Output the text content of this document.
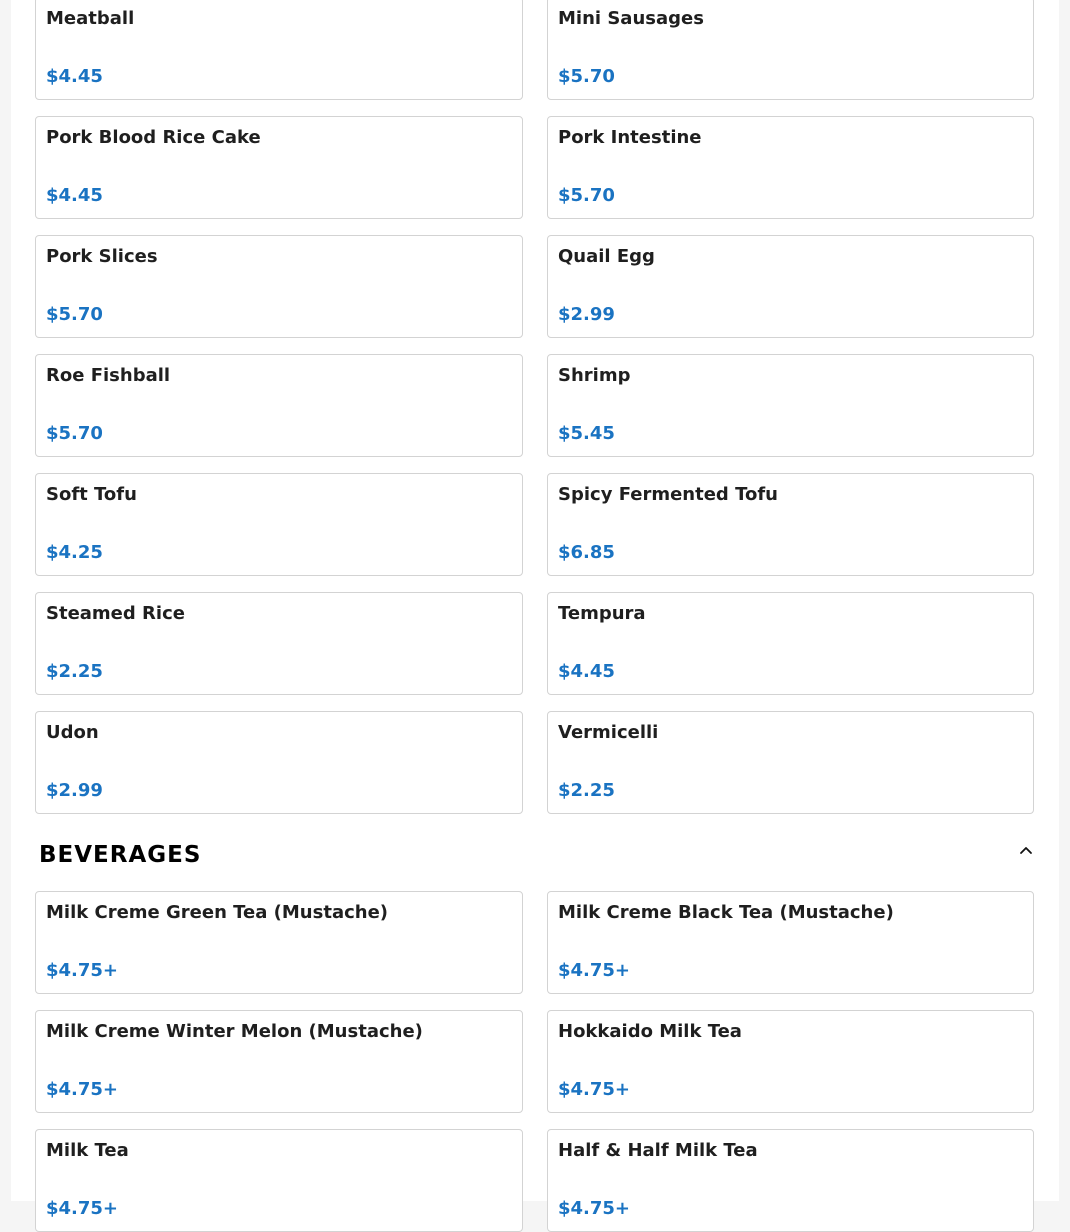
Meatball
$4.45
Mini Sausages
$5.70
Pork Blood Rice Cake
$4.45
Pork Intestine
$5.70
Pork Slices
$5.70
Quail Egg
$2.99
Roe Fishball
$5.70
Shrimp
$5.45
Soft Tofu
$4.25
Spicy Fermented Tofu
$6.85
Steamed Rice
$2.25
Tempura
$4.45
Udon
$2.99
Vermicelli
$2.25
BEVERAGES
Milk Creme Green Tea (Mustache)
$4.75+
Milk Creme Black Tea (Mustache)
$4.75+
Milk Creme Winter Melon (Mustache)
$4.75+
Hokkaido Milk Tea
$4.75+
Milk Tea
$4.75+
Half & Half Milk Tea
$4.75+
